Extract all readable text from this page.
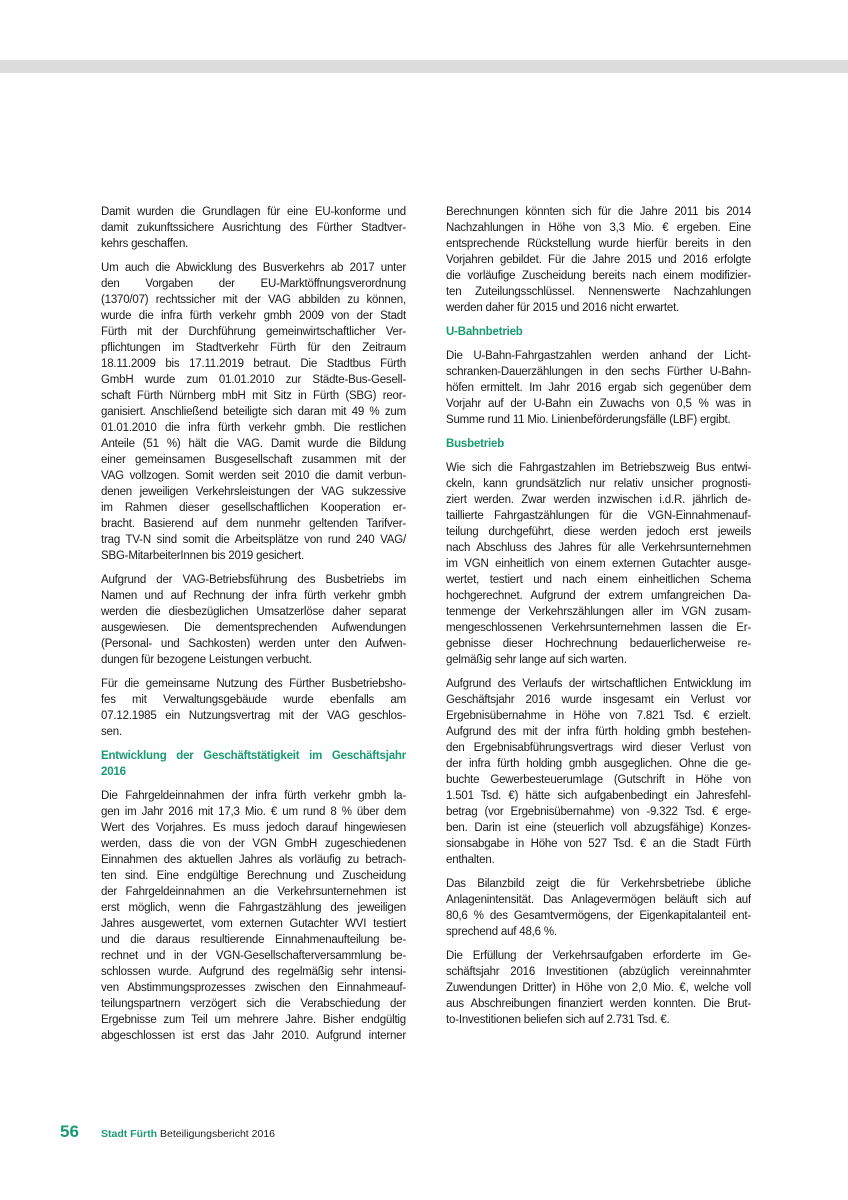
Damit wurden die Grundlagen für eine EU-konforme und
damit zukunftssichere Ausrichtung des Fürther Stadtver-
kehrs geschaffen.
Um auch die Abwicklung des Busverkehrs ab 2017 unter
den Vorgaben der EU-Marktöffnungsverordnung
(1370/07) rechtssicher mit der VAG abbilden zu können,
wurde die infra fürth verkehr gmbh 2009 von der Stadt
Fürth mit der Durchführung gemeinwirtschaftlicher Ver-
pflichtungen im Stadtverkehr Fürth für den Zeitraum
18.11.2009 bis 17.11.2019 betraut. Die Stadtbus Fürth
GmbH wurde zum 01.01.2010 zur Städte-Bus-Gesell-
schaft Fürth Nürnberg mbH mit Sitz in Fürth (SBG) reor-
ganisiert. Anschließend beteiligte sich daran mit 49 % zum
01.01.2010 die infra fürth verkehr gmbh. Die restlichen
Anteile (51 %) hält die VAG. Damit wurde die Bildung
einer gemeinsamen Busgesellschaft zusammen mit der
VAG vollzogen. Somit werden seit 2010 die damit verbun-
denen jeweiligen Verkehrsleistungen der VAG sukzessive
im Rahmen dieser gesellschaftlichen Kooperation er-
bracht. Basierend auf dem nunmehr geltenden Tarifver-
trag TV-N sind somit die Arbeitsplätze von rund 240 VAG/
SBG-MitarbeiterInnen bis 2019 gesichert.
Aufgrund der VAG-Betriebsführung des Busbetriebs im
Namen und auf Rechnung der infra fürth verkehr gmbh
werden die diesbezüglichen Umsatzerlöse daher separat
ausgewiesen. Die dementsprechenden Aufwendungen
(Personal- und Sachkosten) werden unter den Aufwen-
dungen für bezogene Leistungen verbucht.
Für die gemeinsame Nutzung des Fürther Busbetriebsho-
fes mit Verwaltungsgebäude wurde ebenfalls am
07.12.1985 ein Nutzungsvertrag mit der VAG geschlos-
sen.
Entwicklung der Geschäftstätigkeit im Geschäftsjahr
2016
Die Fahrgeldeinnahmen der infra fürth verkehr gmbh la-
gen im Jahr 2016 mit 17,3 Mio. € um rund 8 % über dem
Wert des Vorjahres. Es muss jedoch darauf hingewiesen
werden, dass die von der VGN GmbH zugeschiedenen
Einnahmen des aktuellen Jahres als vorläufig zu betrach-
ten sind. Eine endgültige Berechnung und Zuscheidung
der Fahrgeldeinnahmen an die Verkehrsunternehmen ist
erst möglich, wenn die Fahrgastzählung des jeweiligen
Jahres ausgewertet, vom externen Gutachter WVI testiert
und die daraus resultierende Einnahmenaufteilung be-
rechnet und in der VGN-Gesellschafterversammlung be-
schlossen wurde. Aufgrund des regelmäßig sehr intensi-
ven Abstimmungsprozesses zwischen den Einnahmeauf-
teilungspartnern verzögert sich die Verabschiedung der
Ergebnisse zum Teil um mehrere Jahre. Bisher endgültig
abgeschlossen ist erst das Jahr 2010. Aufgrund interner
Berechnungen könnten sich für die Jahre 2011 bis 2014
Nachzahlungen in Höhe von 3,3 Mio. € ergeben. Eine
entsprechende Rückstellung wurde hierfür bereits in den
Vorjahren gebildet. Für die Jahre 2015 und 2016 erfolgte
die vorläufige Zuscheidung bereits nach einem modifizier-
ten Zuteilungsschlüssel. Nennenswerte Nachzahlungen
werden daher für 2015 und 2016 nicht erwartet.
U-Bahnbetrieb
Die U-Bahn-Fahrgastzahlen werden anhand der Licht-
schranken-Dauerzählungen in den sechs Fürther U-Bahn-
höfen ermittelt. Im Jahr 2016 ergab sich gegenüber dem
Vorjahr auf der U-Bahn ein Zuwachs von 0,5 % was in
Summe rund 11 Mio. Linienbeförderungsfälle (LBF) ergibt.
Busbetrieb
Wie sich die Fahrgastzahlen im Betriebszweig Bus entwi-
ckeln, kann grundsätzlich nur relativ unsicher prognosti-
ziert werden. Zwar werden inzwischen i.d.R. jährlich de-
taillierte Fahrgastzählungen für die VGN-Einnahmenauf-
teilung durchgeführt, diese werden jedoch erst jeweils
nach Abschluss des Jahres für alle Verkehrsunternehmen
im VGN einheitlich von einem externen Gutachter ausge-
wertet, testiert und nach einem einheitlichen Schema
hochgerechnet. Aufgrund der extrem umfangreichen Da-
tenmenge der Verkehrszählungen aller im VGN zusam-
mengeschlossenen Verkehrsunternehmen lassen die Er-
gebnisse dieser Hochrechnung bedauerlicherweise re-
gelmäßig sehr lange auf sich warten.
Aufgrund des Verlaufs der wirtschaftlichen Entwicklung im
Geschäftsjahr 2016 wurde insgesamt ein Verlust vor
Ergebnisübernahme in Höhe von 7.821 Tsd. € erzielt.
Aufgrund des mit der infra fürth holding gmbh bestehen-
den Ergebnisabführungsvertrags wird dieser Verlust von
der infra fürth holding gmbh ausgeglichen. Ohne die ge-
buchte Gewerbesteuerumlage (Gutschrift in Höhe von
1.501 Tsd. €) hätte sich aufgabenbedingt ein Jahresfehl-
betrag (vor Ergebnisübernahme) von -9.322 Tsd. € erge-
ben. Darin ist eine (steuerlich voll abzugsfähige) Konzes-
sionsabgabe in Höhe von 527 Tsd. € an die Stadt Fürth
enthalten.
Das Bilanzbild zeigt die für Verkehrsbetriebe übliche
Anlagenintensität. Das Anlagevermögen beläuft sich auf
80,6 % des Gesamtvermögens, der Eigenkapitalanteil ent-
sprechend auf 48,6 %.
Die Erfüllung der Verkehrsaufgaben erforderte im Ge-
schäftsjahr 2016 Investitionen (abzüglich vereinnahmter
Zuwendungen Dritter) in Höhe von 2,0 Mio. €, welche voll
aus Abschreibungen finanziert werden konnten. Die Brut-
to-Investitionen beliefen sich auf 2.731 Tsd. €.
56	Stadt Fürth Beteiligungsbericht 2016
